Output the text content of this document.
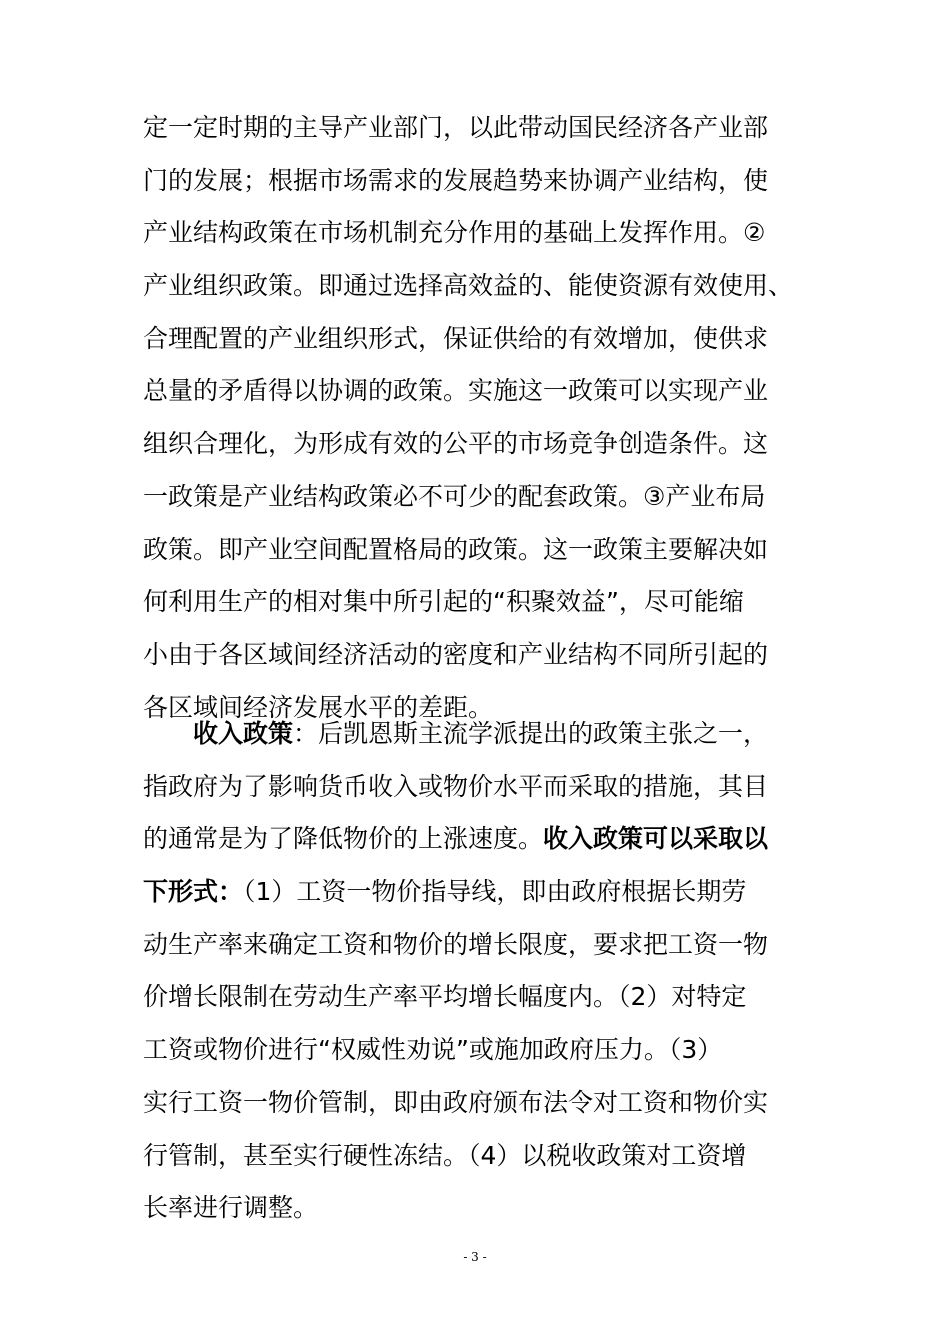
定一定时期的主导产业部门，以此带动国民经济各产业部
门的发展；根据市场需求的发展趋势来协调产业结构，使
产业结构政策在市场机制充分作用的基础上发挥作用。②
产业组织政策。即通过选择高效益的、能使资源有效使用、
合理配置的产业组织形式，保证供给的有效增加，使供求
总量的矛盾得以协调的政策。实施这一政策可以实现产业
组织合理化，为形成有效的公平的市场竞争创造条件。这
一政策是产业结构政策必不可少的配套政策。③产业布局
政策。即产业空间配置格局的政策。这一政策主要解决如
何利用生产的相对集中所引起的“积聚效益”，尽可能缩
小由于各区域间经济活动的密度和产业结构不同所引起的
各区域间经济发展水平的差距。
收入政策：后凯恩斯主流学派提出的政策主张之一，
指政府为了影响货币收入或物价水平而采取的措施，其目
的通常是为了降低物价的上涨速度。收入政策可以采取以
下形式：（1）工资一物价指导线，即由政府根据长期劳
动生产率来确定工资和物价的增长限度，要求把工资一物
价增长限制在劳动生产率平均增长幅度内。（2）对特定
工资或物价进行“权威性劝说”或施加政府压力。（3）
实行工资一物价管制，即由政府颁布法令对工资和物价实
行管制，甚至实行硬性冻结。（4）以税收政策对工资增
长率进行调整。
- 3 -
